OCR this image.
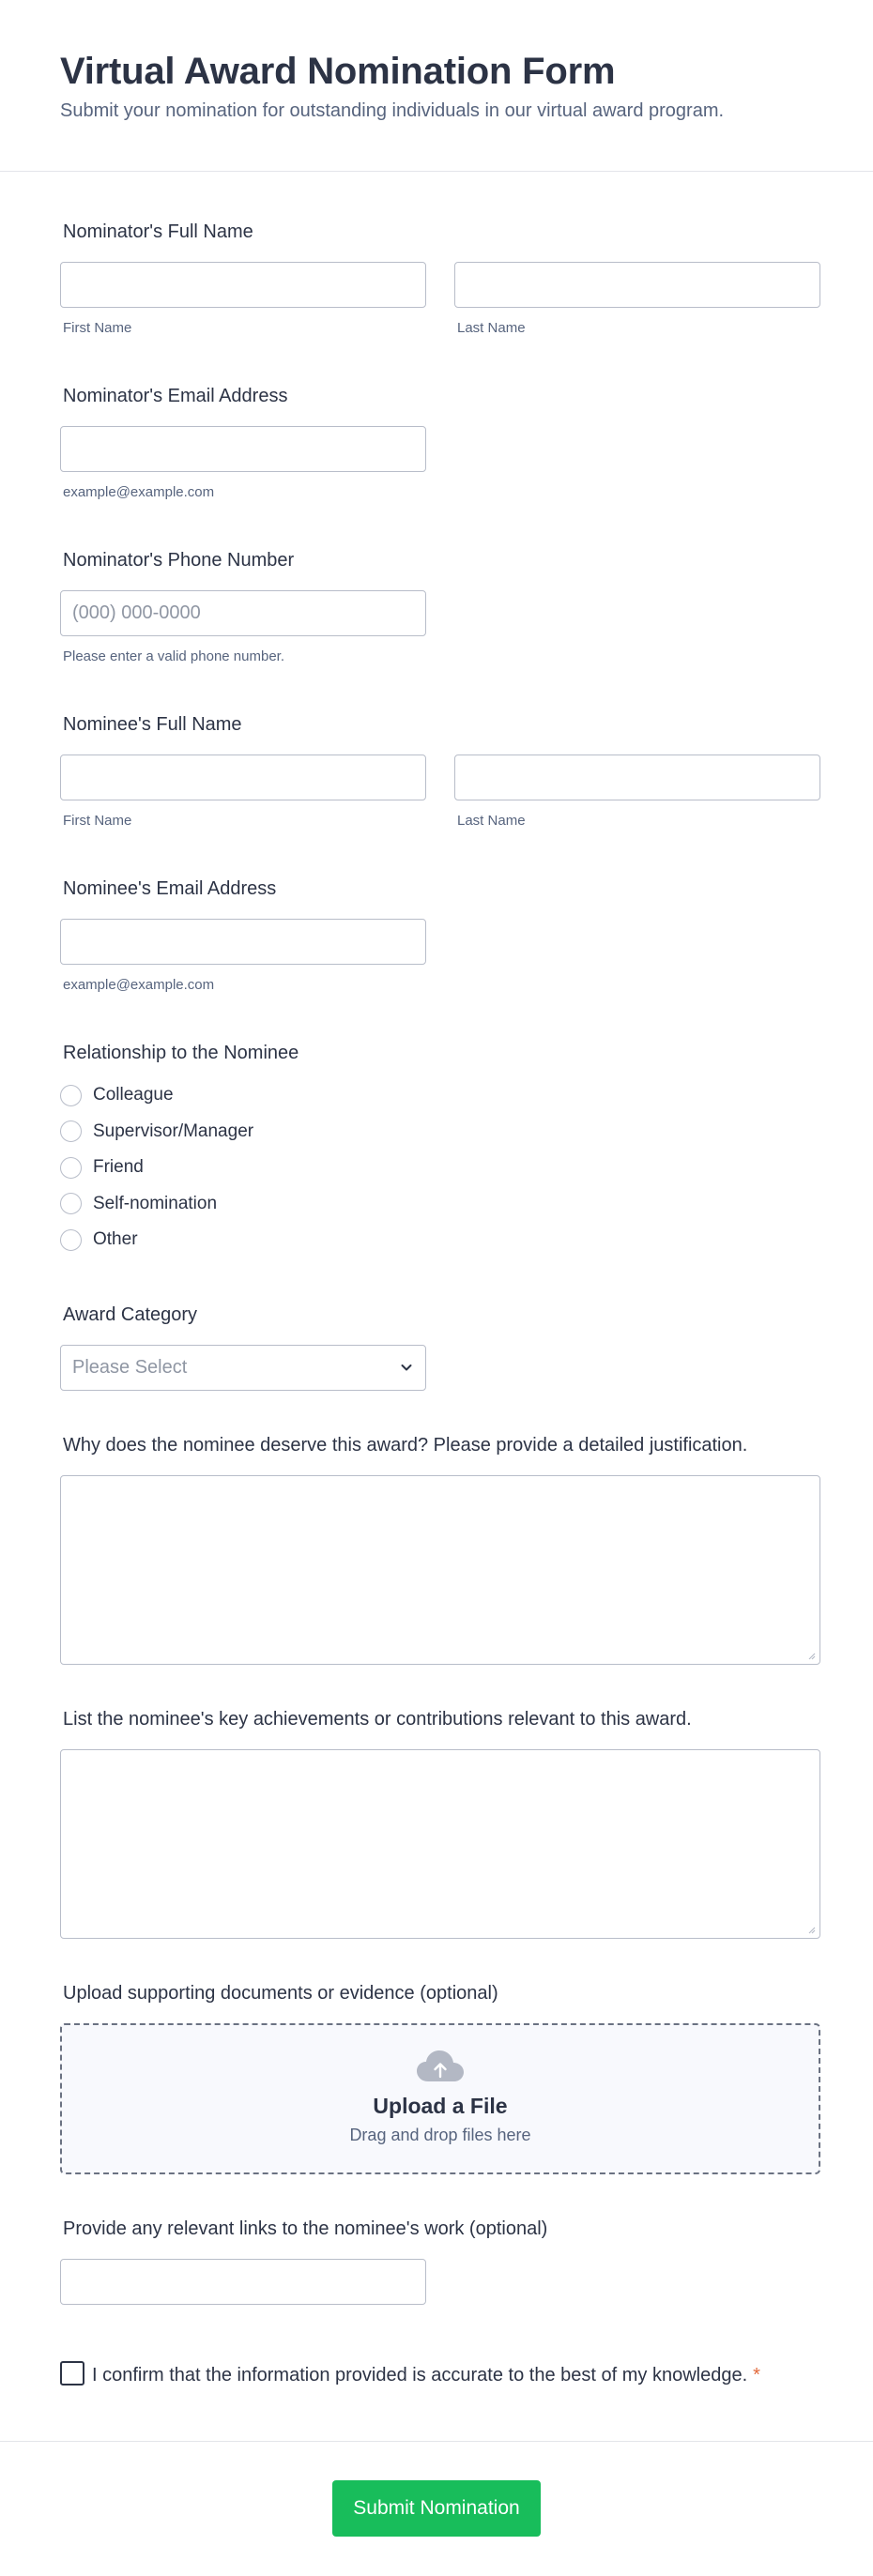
Virtual Award Nomination Form
Submit your nomination for outstanding individuals in our virtual award program.
Nominator's Full Name
First Name	Last Name
Nominator's Email Address
example@example.com
Nominator's Phone Number
(000) 000-0000
Please enter a valid phone number.
Nominee's Full Name
First Name	Last Name
Nominee's Email Address
example@example.com
Relationship to the Nominee
Colleague
Supervisor/Manager
Friend
Self-nomination
Other
Award Category
Please Select
Why does the nominee deserve this award? Please provide a detailed justification.
List the nominee's key achievements or contributions relevant to this award.
Upload supporting documents or evidence (optional)
Upload a File
Drag and drop files here
Provide any relevant links to the nominee's work (optional)
I confirm that the information provided is accurate to the best of my knowledge. *
Submit Nomination
